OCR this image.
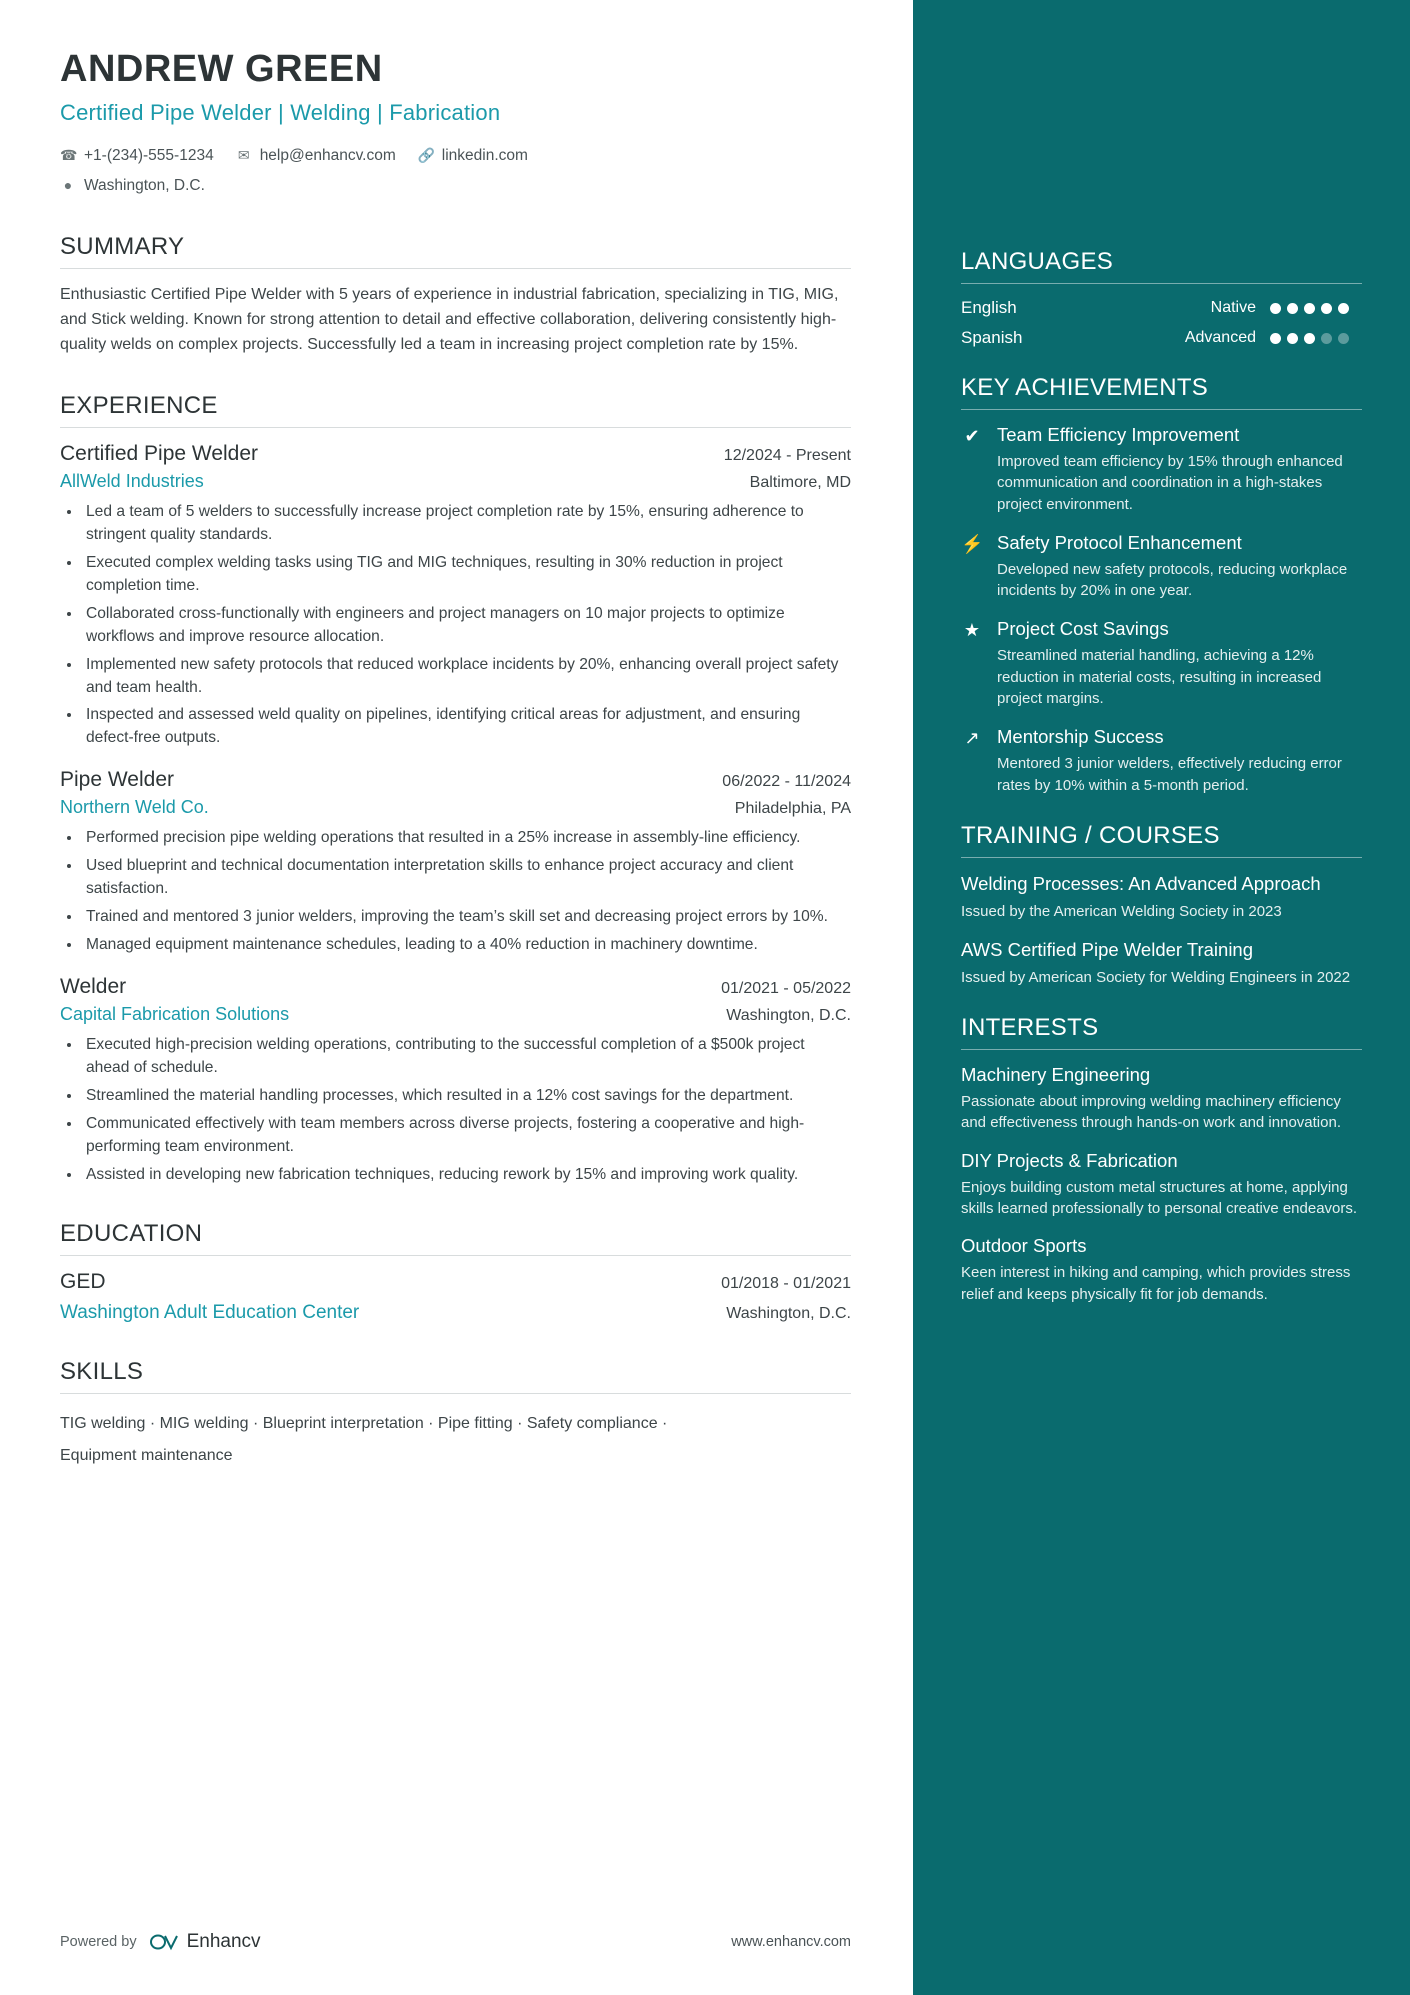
ANDREW GREEN
Certified Pipe Welder | Welding | Fabrication
☎ +1-(234)-555-1234 ✉ help@enhancv.com 🔗 linkedin.com
● Washington, D.C.
SUMMARY
Enthusiastic Certified Pipe Welder with 5 years of experience in industrial fabrication, specializing in TIG, MIG, and Stick welding. Known for strong attention to detail and effective collaboration, delivering consistently high-quality welds on complex projects. Successfully led a team in increasing project completion rate by 15%.
EXPERIENCE
Certified Pipe Welder	12/2024 - Present
AllWeld Industries	Baltimore, MD
• Led a team of 5 welders to successfully increase project completion rate by 15%, ensuring adherence to stringent quality standards.
• Executed complex welding tasks using TIG and MIG techniques, resulting in 30% reduction in project completion time.
• Collaborated cross-functionally with engineers and project managers on 10 major projects to optimize workflows and improve resource allocation.
• Implemented new safety protocols that reduced workplace incidents by 20%, enhancing overall project safety and team health.
• Inspected and assessed weld quality on pipelines, identifying critical areas for adjustment, and ensuring defect-free outputs.
Pipe Welder	06/2022 - 11/2024
Northern Weld Co.	Philadelphia, PA
• Performed precision pipe welding operations that resulted in a 25% increase in assembly-line efficiency.
• Used blueprint and technical documentation interpretation skills to enhance project accuracy and client satisfaction.
• Trained and mentored 3 junior welders, improving the team’s skill set and decreasing project errors by 10%.
• Managed equipment maintenance schedules, leading to a 40% reduction in machinery downtime.
Welder	01/2021 - 05/2022
Capital Fabrication Solutions	Washington, D.C.
• Executed high-precision welding operations, contributing to the successful completion of a $500k project ahead of schedule.
• Streamlined the material handling processes, which resulted in a 12% cost savings for the department.
• Communicated effectively with team members across diverse projects, fostering a cooperative and high-performing team environment.
• Assisted in developing new fabrication techniques, reducing rework by 15% and improving work quality.
EDUCATION
GED	01/2018 - 01/2021
Washington Adult Education Center	Washington, D.C.
SKILLS
TIG welding · MIG welding · Blueprint interpretation · Pipe fitting · Safety compliance ·
Equipment maintenance
Powered by	Enhancv	www.enhancv.com
LANGUAGES
English	Native
Spanish	Advanced
KEY ACHIEVEMENTS
✔ Team Efficiency Improvement
Improved team efficiency by 15% through enhanced communication and coordination in a high-stakes project environment.
⚡ Safety Protocol Enhancement
Developed new safety protocols, reducing workplace incidents by 20% in one year.
★ Project Cost Savings
Streamlined material handling, achieving a 12% reduction in material costs, resulting in increased project margins.
↗ Mentorship Success
Mentored 3 junior welders, effectively reducing error rates by 10% within a 5-month period.
TRAINING / COURSES
Welding Processes: An Advanced Approach
Issued by the American Welding Society in 2023
AWS Certified Pipe Welder Training
Issued by American Society for Welding Engineers in 2022
INTERESTS
Machinery Engineering
Passionate about improving welding machinery efficiency and effectiveness through hands-on work and innovation.
DIY Projects & Fabrication
Enjoys building custom metal structures at home, applying skills learned professionally to personal creative endeavors.
Outdoor Sports
Keen interest in hiking and camping, which provides stress relief and keeps physically fit for job demands.
